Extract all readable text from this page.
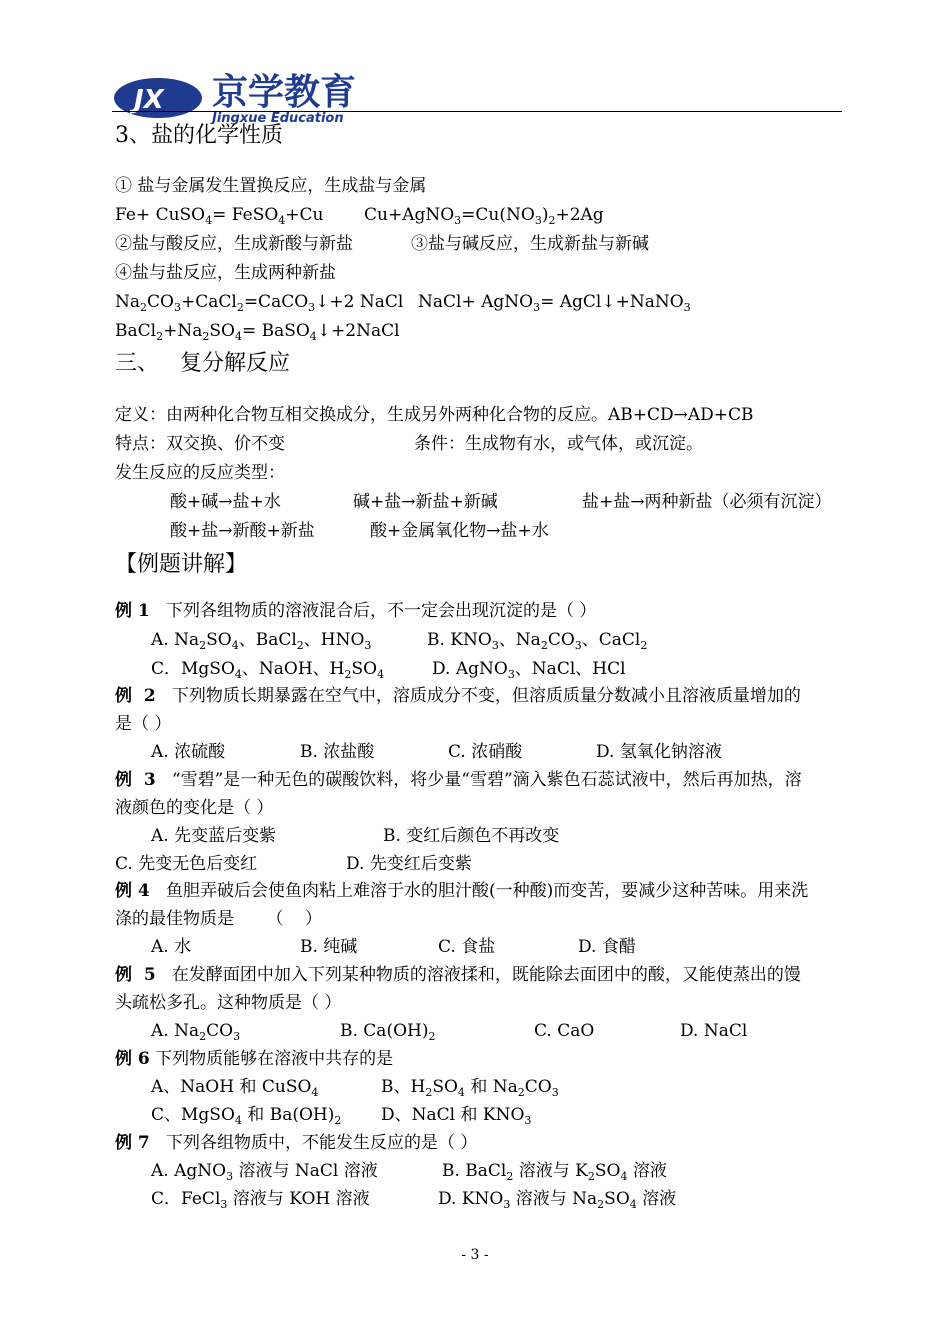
JX 京学教育
Jingxue Education
3、盐的化学性质
① 盐与金属发生置换反应，生成盐与金属
Fe+ CuSO$_4$= FeSO$_4$+Cu $Cu+AgNO_3=Cu(NO_3)_2+2Ag$
②盐与酸反应，生成新酸与新盐	③盐与碱反应，生成新盐与新碱
④盐与盐反应，生成两种新盐
$Na_2CO_3+CaCl_2=CaCO_3↓+2$ NaCl NaCl+ AgNO$_3$= AgCl↓+NaNO$_3$
$BaCl_2+Na_2SO_4=$ BaSO$_4$↓+2NaCl
三、   复分解反应
定义：由两种化合物互相交换成分，生成另外两种化合物的反应。AB+CD→AD+CB
特点：双交换、价不变	条件：生成物有水，或气体，或沉淀。
发生反应的反应类型：
酸+碱→盐+水	碱+盐→新盐+新碱	盐+盐→两种新盐（必须有沉淀）
酸+盐→新酸+新盐	酸+金属氧化物→盐+水
【例题讲解】
例 1 下列各组物质的溶液混合后，不一定会出现沉淀的是（ ）
A. $Na_2SO_4$、BaCl$_2$、$HNO_3$	B. $KNO_3$、$Na_2CO_3$、CaCl$_2$
C．MgSO$_4$、NaOH、$H_2SO_4$	D. AgNO$_3$、NaCl、HCl
例  2 下列物质长期暴露在空气中，溶质成分不变，但溶质质量分数减小且溶液质量增加的
是（ ）
A. 浓硫酸	B. 浓盐酸	C. 浓硝酸	D. 氢氧化钠溶液
例  3 “雪碧”是一种无色的碳酸饮料，将少量“雪碧”滴入紫色石蕊试液中，然后再加热，溶
液颜色的变化是（ ）
A. 先变蓝后变紫	B. 变红后颜色不再改变
C. 先变无色后变红	D. 先变红后变紫
例 4 鱼胆弄破后会使鱼肉粘上难溶于水的胆汁酸(一种酸)而变苦，要减少这种苦味。用来洗
涤的最佳物质是      （    ）
A. 水	B. 纯碱	C. 食盐	D. 食醋
例  5 在发酵面团中加入下列某种物质的溶液揉和，既能除去面团中的酸，又能使蒸出的馒
头疏松多孔。这种物质是（ ）
A. $Na_2CO_3$	B. $Ca(OH)_2$	C. CaO	D. NaCl
例 6 下列物质能够在溶液中共存的是
A、NaOH 和 CuSO$_4$	B、$H_2SO_4$ 和 $Na_2CO_3$
C、MgSO$_4$ 和 $Ba(OH)_2$ D、NaCl 和 $KNO_3$
例 7 下列各组物质中，不能发生反应的是（ ）
A. AgNO$_3$ 溶液与 NaCl 溶液	B. BaCl$_2$ 溶液与 $K_2SO_4$ 溶液
C．FeCl$_3$ 溶液与 KOH 溶液	D. $KNO_3$ 溶液与 $Na_2SO_4$ 溶液
- 3 -
